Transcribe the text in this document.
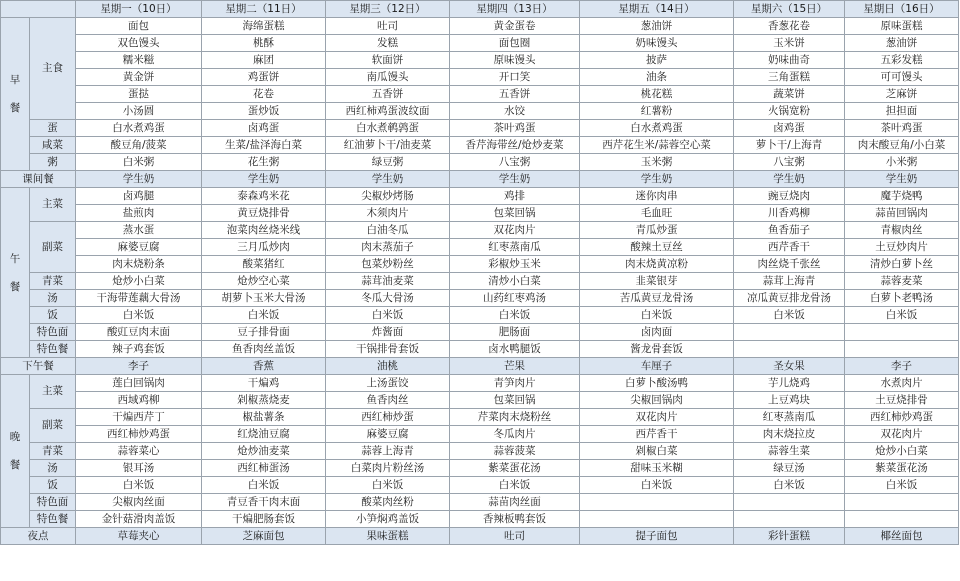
		星期一（10日）	星期二（11日）	星期三（12日）	星期四（13日）	星期五（14日）	星期六（15日）	星期日（16日）
早餐	主食	面包	海绵蛋糕	吐司	黄金蛋卷	葱油饼	香葱花卷	原味蛋糕
		双色馒头	桃酥	发糕	面包圈	奶味馒头	玉米饼	葱油饼
		糯米糍	麻团	软面饼	原味馒头	披萨	奶味曲奇	五彩发糕
		黄金饼	鸡蛋饼	南瓜馒头	开口笑	油条	三角蛋糕	可可馒头
		蛋挞	花卷	五香饼	五香饼	桃花糕	蔬菜饼	芝麻饼
		小汤圆	蛋炒饭	西红柿鸡蛋波纹面	水饺	红薯粉	火锅宽粉	担担面
	蛋	白水煮鸡蛋	卤鸡蛋	白水煮鹌鹑蛋	茶叶鸡蛋	白水煮鸡蛋	卤鸡蛋	茶叶鸡蛋
	咸菜	酸豆角/菠菜	生菜/盐泽海白菜	红油萝卜干/油麦菜	香芹海带丝/炝炒麦菜	西芹花生米/蒜蓉空心菜	萝卜干/上海青	肉末酸豆角/小白菜
	粥	白米粥	花生粥	绿豆粥	八宝粥	玉米粥	八宝粥	小米粥
课间餐		学生奶	学生奶	学生奶	学生奶	学生奶	学生奶	学生奶
午餐	主菜	卤鸡腿	泰森鸡米花	尖椒炒烤肠	鸡排	迷你肉串	豌豆烧肉	魔芋烧鸭
		盐煎肉	黄豆烧排骨	木须肉片	包菜回锅	毛血旺	川香鸡柳	蒜苗回锅肉
	副菜	蒸水蛋	泡菜肉丝烧米线	白油冬瓜	双花肉片	青瓜炒蛋	鱼香茄子	青椒肉丝
		麻婆豆腐	三月瓜炒肉	肉末蒸茄子	红枣蒸南瓜	酸辣土豆丝	西芹香干	土豆炒肉片
		肉末烧粉条	酸菜猪红	包菜炒粉丝	彩椒炒玉米	肉末烧黄凉粉	肉丝烧千张丝	清炒白萝卜丝
	青菜	炝炒小白菜	炝炒空心菜	蒜茸油麦菜	清炒小白菜	韭菜银芽	蒜茸上海青	蒜蓉麦菜
	汤	干海带莲藕大骨汤	胡萝卜玉米大骨汤	冬瓜大骨汤	山药红枣鸡汤	苦瓜黄豆龙骨汤	凉瓜黄豆排龙骨汤	白萝卜老鸭汤
	饭	白米饭	白米饭	白米饭	白米饭	白米饭	白米饭	白米饭
	特色面	酸豇豆肉末面	豆子排骨面	炸酱面	肥肠面	卤肉面		
	特色餐	辣子鸡套饭	鱼香肉丝盖饭	干锅排骨套饭	卤水鸭腿饭	酱龙骨套饭		
下午餐		李子	香蕉	油桃	芒果	车厘子	圣女果	李子
晚餐	主菜	莲白回锅肉	干煸鸡	上汤蛋饺	青笋肉片	白萝卜酸汤鸭	芋儿烧鸡	水煮肉片
		西域鸡柳	剁椒蒸烧麦	鱼香肉丝	包菜回锅	尖椒回锅肉	上豆鸡块	土豆烧排骨
	副菜	干煸西芹丁	椒盐薯条	西红柿炒蛋	芹菜肉末烧粉丝	双花肉片	红枣蒸南瓜	西红柿炒鸡蛋
		西红柿炒鸡蛋	红烧油豆腐	麻婆豆腐	冬瓜肉片	西芹香干	肉末烧拉皮	双花肉片
	青菜	蒜蓉菜心	炝炒油麦菜	蒜蓉上海青	蒜蓉菠菜	剁椒白菜	蒜蓉生菜	炝炒小白菜
	汤	银耳汤	西红柿蛋汤	白菜肉片粉丝汤	紫菜蛋花汤	甜味玉米糊	绿豆汤	紫菜蛋花汤
	饭	白米饭	白米饭	白米饭	白米饭	白米饭	白米饭	白米饭
	特色面	尖椒肉丝面	青豆香干肉末面	酸菜肉丝粉	蒜苗肉丝面			
	特色餐	金针菇滑肉盖饭	干煸肥肠套饭	小笋焖鸡盖饭	香辣板鸭套饭			
夜点		草莓夹心	芝麻面包	果味蛋糕	吐司	提子面包	彩针蛋糕	椰丝面包
